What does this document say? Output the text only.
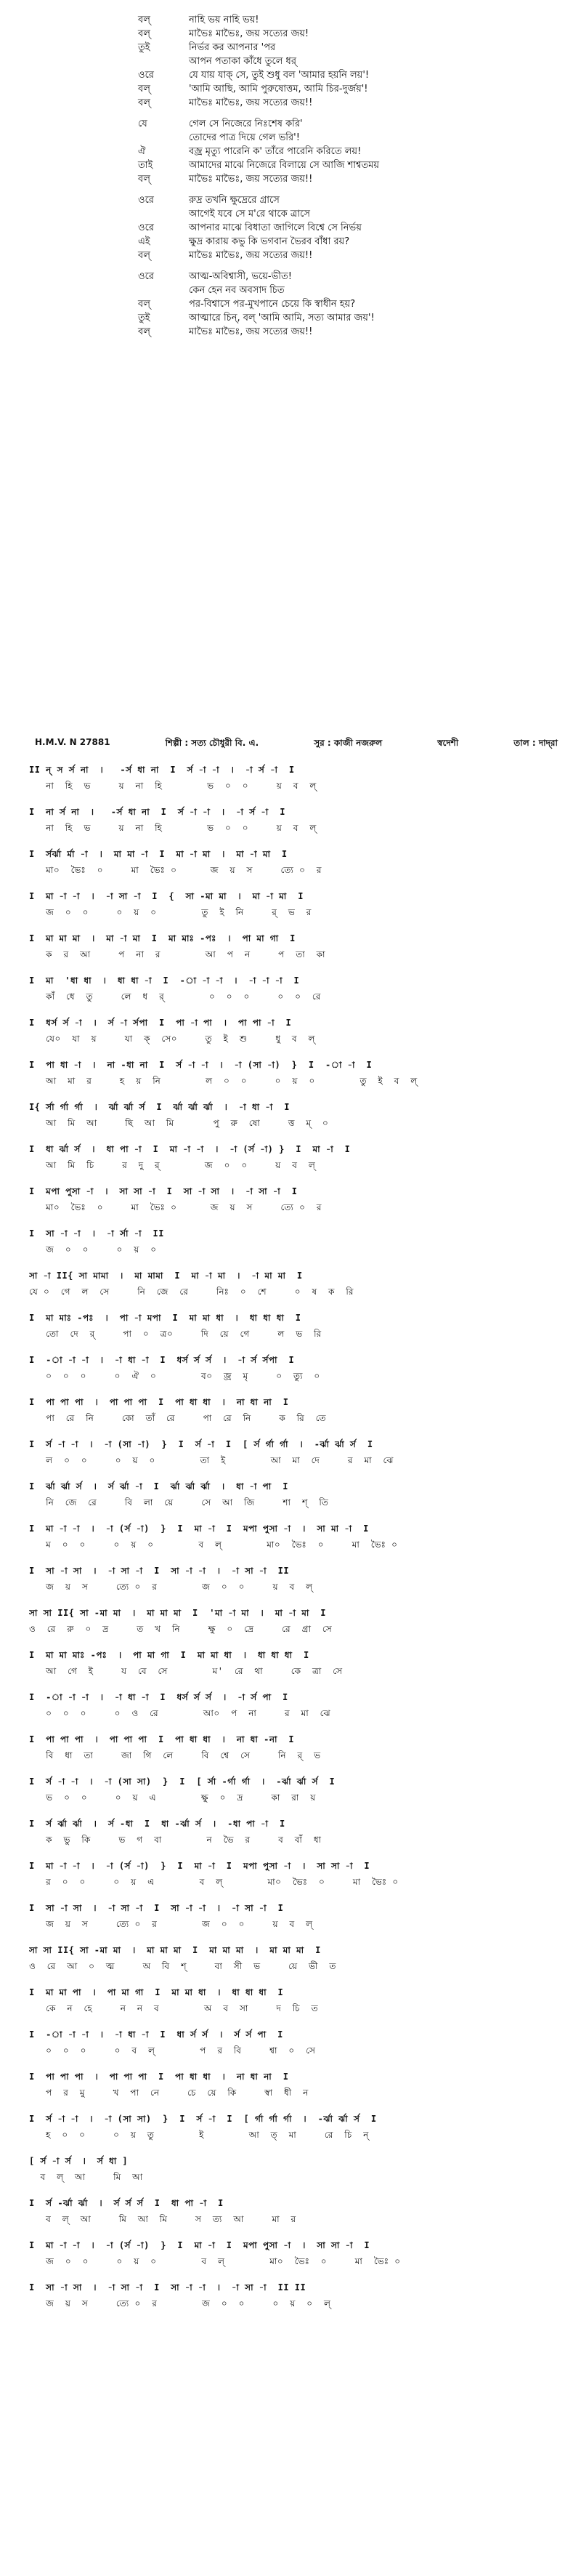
বল্‌	নাহি ভয় নাহি ভয়!
বল্‌	মাভৈঃ মাভৈঃ, জয় সত্যের জয়!
তুই	নির্ভর কর আপনার 'পর
আপন পতাকা কাঁধে তুলে ধর্‌
ওরে	যে যায় যাক্‌ সে, তুই শুধু বল 'আমার হয়নি লয়'!
বল্‌	'আমি আছি, আমি পুরুষোত্তম, আমি চির-দুর্জয়'!
বল্‌	মাভৈঃ মাভৈঃ, জয় সত্যের জয়!!
যে	গেল সে নিজেরে নিঃশেষ করি'
তোদের পাত্র দিয়ে গেল ভরি'!
ঐ	বজ্র মৃত্যু পারেনি ক' তাঁরে পারেনি করিতে লয়!
তাই	আমাদের মাঝে নিজেরে বিলায়ে সে আজি শাশ্বতময়
বল্‌	মাভৈঃ মাভৈঃ, জয় সত্যের জয়!!
ওরে	রুদ্র তখনি ক্ষুদ্রেরে গ্রাসে
আগেই যবে সে ম'রে থাকে ত্রাসে
ওরে	আপনার মাঝে বিধাতা জাগিলে বিশ্বে সে নির্ভয়
এই	ক্ষুদ্র কারায় কভু কি ভগবান ভৈরব বাঁধা রয়?
বল্‌	মাভৈঃ মাভৈঃ, জয় সত্যের জয়!!
ওরে	আত্ম-অবিশ্বাসী, ভয়ে-ভীত!
কেন হেন নব অবসাদ চিত
বল্‌	পর-বিশ্বাসে পর-মুখপানে চেয়ে কি স্বাধীন হয়?
তুই	আত্মারে চিন্‌, বল্‌ 'আমি আমি, সত্য আমার জয়'!
বল্‌	মাভৈঃ মাভৈঃ, জয় সত্যের জয়!!
H.M.V. N 27881	শিল্পী : সত্য চৌধুরী বি. এ.	সুর : কাজী নজরুল	স্বদেশী	তাল : দাদ্‌রা
II ন্‌ স র্স না  ।   -র্স ধা না  I  র্স -া -া  ।  -া র্স -া  I
না  হি  ভ     য়  না  হি        ভ  ০  ০     য়  ব  ল্
I  না র্স না  ।   -র্স ধা না  I  র্স -া -া  ।  -া র্স -া  I
না  হি  ভ     য়  না  হি        ভ  ০  ০     য়  ব  ল্
I  র্সর্ঝা র্মা -া  ।  মা মা -া  I  মা -া মা  ।  মা -া মা  I
মা০  ভৈঃ  ০     মা  ভৈঃ ০      জ  য়  স     ত্যে ০  র
I  মা -া -া  ।  -া সা -া  I  {  সা -মা মা  ।  মা -া মা  I
জ  ০  ০     ০  য়  ০        তু  ই  নি     র্  ভ  র
I  মা মা মা  ।  মা -া মা  I  মা মাঃ -পঃ  ।  পা মা গা  I
ক  র  আ     প  না  র        আ  প  ন     প  তা  কা
I  মা  'ধা ধা  ।  ধা ধা -া  I  -া -া -া  ।  -া -া -া  I
কাঁ  ধে  তু     লে  ধ  র্        ০  ০  ০     ০  ০  রে
I  ধর্স র্স -া  ।  র্স -া র্সপা  I  পা -া পা  ।  পা পা -া  I
যে০  যা  য়     যা  ক্  সে০     তু  ই  শু     ধু  ব  ল্
I  পা ধা -া  ।  না -ধা না  I  র্স -া -া  ।  -া (সা -া)  }  I  -া -া  I
আ  মা  র     হ  য়  নি        ল  ০  ০     ০  য়  ০        তু  ই  ব  ল্
I{ র্সা র্গা র্গা  ।  র্ঝা র্ঝা র্স  I  র্ঝা র্ঝা র্ঝা  ।  -া ধা -া  I
আ  মি  আ     ছি  আ  মি       পু  রু  ষো     ত্ত  ম্  ০
I  ধা র্ঝা র্স  ।  ধা পা -া  I  মা -া -া  ।  -া (র্স -া) }  I  মা -া  I
আ  মি  চি     র  দু  র্        জ  ০  ০     য়  ব  ল্
I  মপা পুসা -া  ।  সা সা -া  I  সা -া সা  ।  -া সা -া  I
মা০  ভৈঃ  ০     মা  ভৈঃ ০      জ  য়  স     ত্যে ০  র
I  সা -া -া  ।  -া র্সা -া  II
জ  ০  ০     ০  য়  ০
সা -া II{ সা মামা  ।  মা মামা  I  মা -া মা  ।  -া মা মা  I
যে ০  গে  ল  সে     নি  জে  রে     নিঃ  ০  শে     ০  ষ  ক  রি
I  মা মাঃ -পঃ  ।  পা -া মপা  I  মা মা ধা  ।  ধা ধা ধা  I
তো  দে  র্     পা  ০  ত্র০     দি  য়ে  গে     ল  ভ  রি
I  -া -া -া  ।  -া ধা -া  I  ধর্স র্স র্স  ।  -া র্স র্সপা  I
০  ০  ০     ০  ঐ  ০        ব০  জ্র  মৃ     ০  ত্যু  ০
I  পা পা পা  ।  পা পা পা  I  পা ধা ধা  ।  না ধা না  I
পা  রে  নি     কো  তাঁ  রে     পা  রে  নি     ক  রি  তে
I  র্স -া -া  ।  -া (সা -া)  }  I  র্স -া  I  [ র্স র্গা র্গা  ।  -র্ঝা র্ঝা র্স  I
ল  ০  ০     ০  য়  ০        তা  ই        আ  মা  দে     র  মা  ঝে
I  র্ঝা র্ঝা র্স  ।  র্স র্ঝা -া  I  র্ঝা র্ঝা র্ঝা  ।  ধা -া পা  I
নি  জে  রে     বি  লা  য়ে     সে  আ  জি     শা  শ্  তি
I  মা -া -া  ।  -া (র্স -া)  }  I  মা -া  I  মপা পুসা -া  ।  সা মা -া  I
ম  ০  ০     ০  য়  ০        ব  ল্        মা০  ভৈঃ  ০     মা  ভৈঃ ০
I  সা -া সা  ।  -া সা -া  I  সা -া -া  ।  -া সা -া  II
জ  য়  স     ত্যে ০  র        জ  ০  ০     য়  ব  ল্
সা সা II{ সা -মা মা  ।  মা মা মা  I  'মা -া মা  ।  মা -া মা  I
ও  রে  রু  ০  দ্র     ত  খ  নি     ক্ষু  ০  দ্রে     রে  গ্রা  সে
I  মা মা মাঃ -পঃ  ।  পা মা গা  I  মা মা ধা  ।  ধা ধা ধা  I
আ  গে  ই     য  বে  সে        ম'  রে  থা     কে  ত্রা  সে
I  -া -া -া  ।  -া ধা -া  I  ধর্স র্স র্স  ।  -া র্স পা  I
০  ০  ০     ০  ও  রে        আ০  প  না     র  মা  ঝে
I  পা পা পা  ।  পা পা পা  I  পা ধা ধা  ।  না ধা -না  I
বি  ধা  তা     জা  গি  লে     বি  শ্বে  সে     নি  র্  ভ
I  র্স -া -া  ।  -া (সা সা)  }  I  [ র্সা -র্গা র্গা  ।  -র্ঝা র্ঝা র্স  I
ভ  ০  ০     ০  য়  এ        ক্ষু  ০  দ্র     কা  রা  য়
I  র্স র্ঝা র্ঝা  ।  র্স -ধা  I  ধা -র্ঝা র্স  ।  -ধা পা -া  I
ক  ভু  কি     ভ  গ  বা        ন  ভৈ  র     ব  বাঁ  ধা
I  মা -া -া  ।  -া (র্স -া)  }  I  মা -া  I  মপা পুসা -া  ।  সা সা -া  I
র  ০  ০     ০  য়  এ        ব  ল্        মা০  ভৈঃ  ০     মা  ভৈঃ ০
I  সা -া সা  ।  -া সা -া  I  সা -া -া  ।  -া সা -া  I
জ  য়  স     ত্যে ০  র        জ  ০  ০     য়  ব  ল্
সা সা II{ সা -মা মা  ।  মা মা মা  I  মা মা মা  ।  মা মা মা  I
ও  রে  আ  ০  ত্ম     অ  বি  শ্     বা  সী  ভ     য়ে  ভী  ত
I  মা মা পা  ।  পা মা গা  I  মা মা ধা  ।  ধা ধা ধা  I
কে  ন  হে     ন  ন  ব        অ  ব  সা     দ  চি  ত
I  -া -া -া  ।  -া ধা -া  I  ধা র্স র্স  ।  র্স র্স পা  I
০  ০  ০     ০  ব  ল্        প  র  বি     শ্বা  ০  সে
I  পা পা পা  ।  পা পা পা  I  পা ধা ধা  ।  না ধা না  I
প  র  মু     খ  পা  নে     চে  য়ে  কি     স্বা  ধী  ন
I  র্স -া -া  ।  -া (সা সা)  }  I  র্স -া  I  [ র্গা র্গা র্গা  ।  -র্ঝা র্ঝা র্স  I
হ  ০  ০     ০  য়  তু        ই        আ  ত্  মা     রে  চি  ন্
[ র্স -া র্স  ।  র্স ধা ]
ব  ল্  আ     মি  আ
I  র্স -র্ঝা র্ঝা  ।  র্স র্স র্স  I  ধা পা -া  I
ব  ল্  আ     মি  আ  মি     স  ত্য  আ     মা  র
I  মা -া -া  ।  -া (র্স -া)  }  I  মা -া  I  মপা পুসা -া  ।  সা সা -া  I
জ  ০  ০     ০  য়  ০        ব  ল্        মা০  ভৈঃ  ০     মা  ভৈঃ ০
I  সা -া সা  ।  -া সা -া  I  সা -া -া  ।  -া সা -া  II II
জ  য়  স     ত্যে ০  র        জ  ০  ০     ০  য়  ০  ল্
